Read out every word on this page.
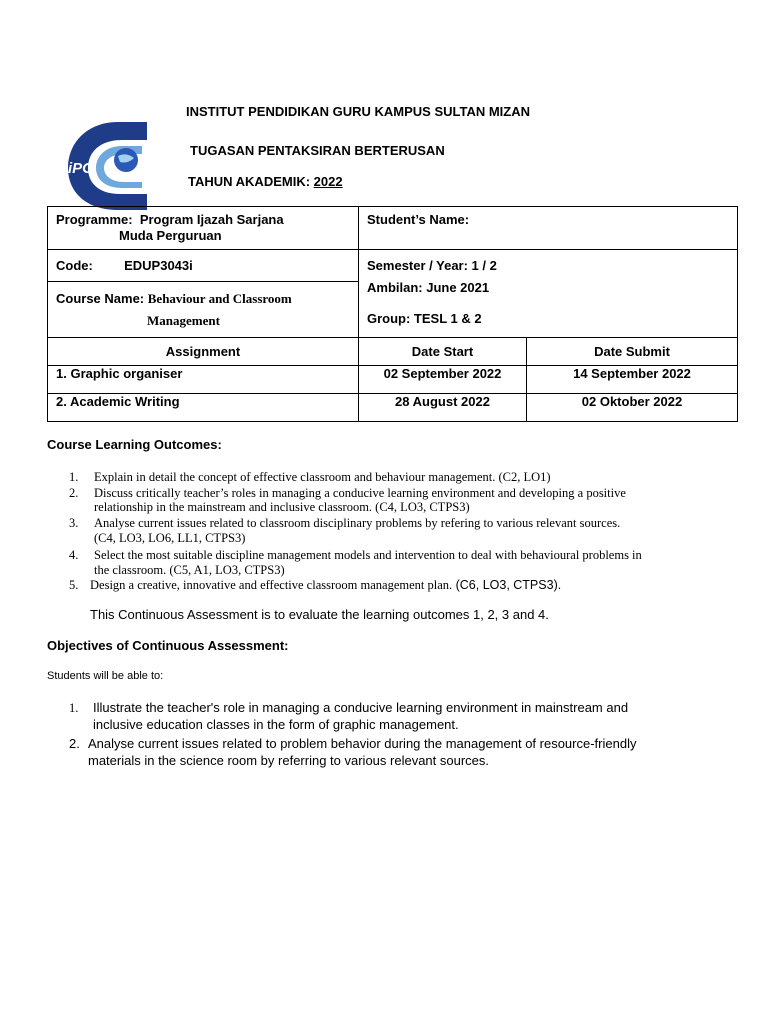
iPG
INSTITUT PENDIDIKAN GURU KAMPUS SULTAN MIZAN
TUGASAN PENTAKSIRAN BERTERUSAN
TAHUN AKADEMIK: 2022
Programme: Program Ijazah Sarjana
Muda Perguruan	Student’s Name:	

Code: EDUP3043i	Semester / Year: 1 / 2
Ambilan: June 2021
Group: TESL 1 & 2	

Course Name: Behaviour and Classroom
Management		

Assignment	Date Start	Date Submit

1. Graphic organiser	02 September 2022	14 September 2022

2. Academic Writing	28 August 2022	02 Oktober 2022
Course Learning Outcomes:
1. Explain in detail the concept of effective classroom and behaviour management. (C2, LO1)
2. Discuss critically teacher’s roles in managing a conducive learning environment and developing a positive
relationship in the mainstream and inclusive classroom. (C4, LO3, CTPS3)
3. Analyse current issues related to classroom disciplinary problems by refering to various relevant sources.
(C4, LO3, LO6, LL1, CTPS3)
4. Select the most suitable discipline management models and intervention to deal with behavioural problems in
the classroom. (C5, A1, LO3, CTPS3)
5. Design a creative, innovative and effective classroom management plan. (C6, LO3, CTPS3).
This Continuous Assessment is to evaluate the learning outcomes 1, 2, 3 and 4.
Objectives of Continuous Assessment:
Students will be able to:
1. Illustrate the teacher's role in managing a conducive learning environment in mainstream and
inclusive education classes in the form of graphic management.
2. Analyse current issues related to problem behavior during the management of resource-friendly
materials in the science room by referring to various relevant sources.
